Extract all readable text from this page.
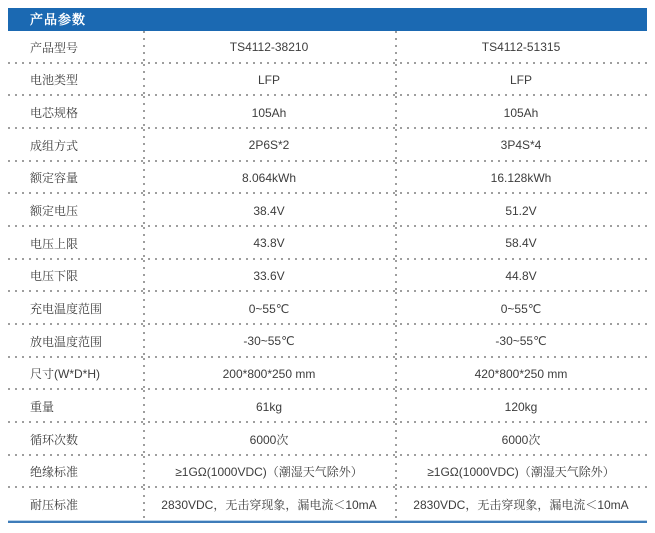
产品参数
产品型号	TS4112-38210	TS4112-51315
电池类型	LFP	LFP
电芯规格	105Ah	105Ah
成组方式	2P6S*2	3P4S*4
额定容量	8.064kWh	16.128kWh
额定电压	38.4V	51.2V
电压上限	43.8V	58.4V
电压下限	33.6V	44.8V
充电温度范围	0~55℃	0~55℃
放电温度范围	-30~55℃	-30~55℃
尺寸(W*D*H)	200*800*250 mm	420*800*250 mm
重量	61kg	120kg
循环次数	6000次	6000次
绝缘标准	≥1GΩ(1000VDC)（潮湿天气除外）	≥1GΩ(1000VDC)（潮湿天气除外）
耐压标准	2830VDC，无击穿现象，漏电流＜10mA	2830VDC，无击穿现象，漏电流＜10mA
